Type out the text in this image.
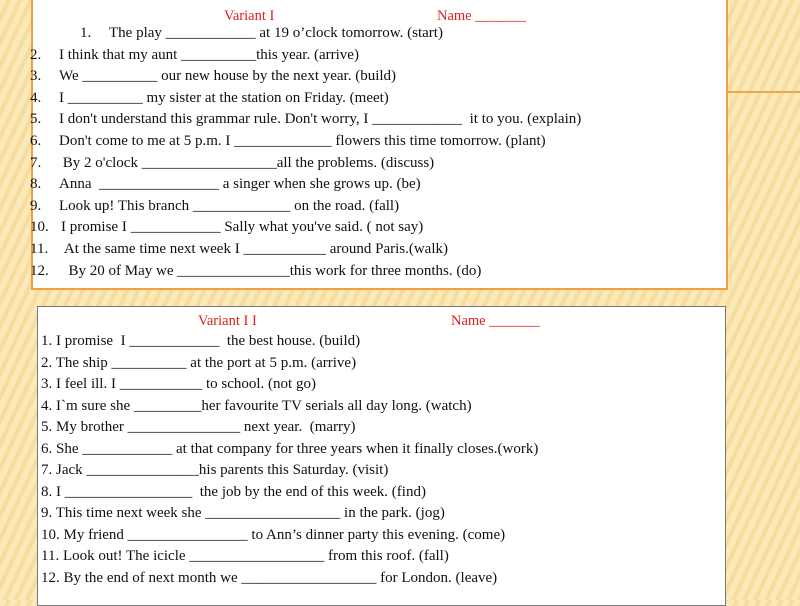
Variant I	Name _______
1. The play ____________ at 19 o’clock tomorrow. (start)
2. I think that my aunt __________this year. (arrive)
3. We __________ our new house by the next year. (build)
4. I __________ my sister at the station on Friday. (meet)
5. I don't understand this grammar rule. Don't worry, I ____________  it to you. (explain)
6. Don't come to me at 5 p.m. I _____________ flowers this time tomorrow. (plant)
7. By 2 o'clock __________________all the problems. (discuss)
8. Anna  ________________ a singer when she grows up. (be)
9. Look up! This branch _____________ on the road. (fall)
10. I promise I ____________ Sally what you've said. ( not say)
11. At the same time next week I ___________ around Paris.(walk)
12. By 20 of May we _______________this work for three months. (do)
Variant I I	Name _______
1. I promise  I ____________  the best house. (build)
2. The ship __________ at the port at 5 p.m. (arrive)
3. I feel ill. I ___________ to school. (not go)
4. I`m sure she _________her favourite TV serials all day long. (watch)
5. My brother _______________ next year.  (marry)
6. She ____________ at that company for three years when it finally closes.(work)
7. Jack _______________his parents this Saturday. (visit)
8. I _________________  the job by the end of this week. (find)
9. This time next week she __________________ in the park. (jog)
10. My friend ________________ to Ann’s dinner party this evening. (come)
11. Look out! The icicle __________________ from this roof. (fall)
12. By the end of next month we __________________ for London. (leave)
